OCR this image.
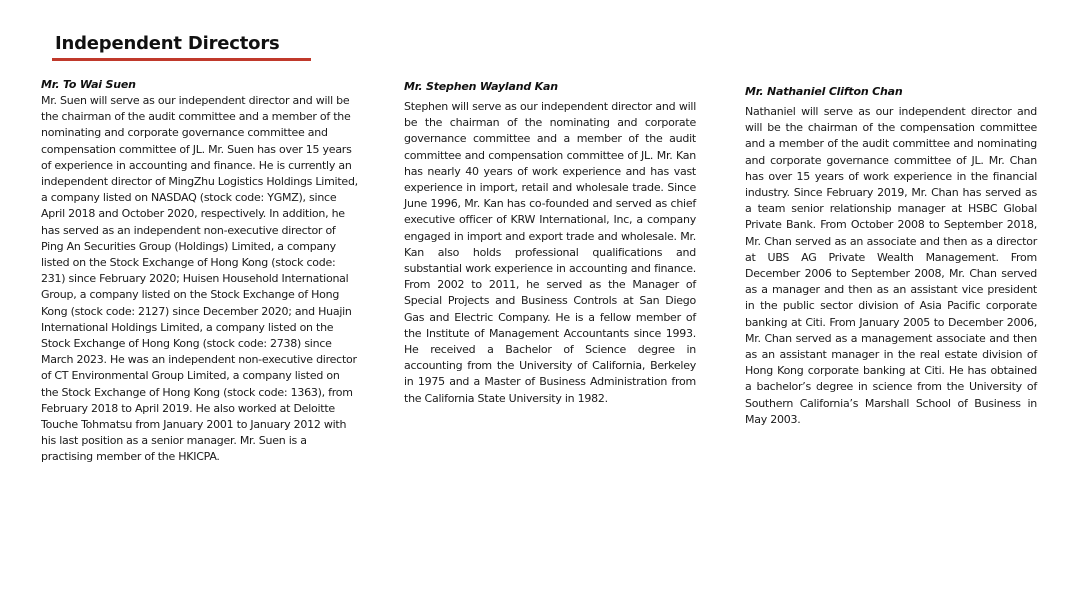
Independent Directors

Mr. To Wai Suen

Mr. Suen will serve as our independent director and will be the chairman of the audit committee and a member of the nominating and corporate governance committee and compensation committee of JL. Mr. Suen has over 15 years of experience in accounting and finance. He is currently an independent director of MingZhu Logistics Holdings Limited, a company listed on NASDAQ (stock code: YGMZ), since April 2018 and October 2020, respectively. In addition, he has served as an independent non-executive director of Ping An Securities Group (Holdings) Limited, a company listed on the Stock Exchange of Hong Kong (stock code: 231) since February 2020; Huisen Household International Group, a company listed on the Stock Exchange of Hong Kong (stock code: 2127) since December 2020; and Huajin International Holdings Limited, a company listed on the Stock Exchange of Hong Kong (stock code: 2738) since March 2023. He was an independent non-executive director of CT Environmental Group Limited, a company listed on the Stock Exchange of Hong Kong (stock code: 1363), from February 2018 to April 2019. He also worked at Deloitte Touche Tohmatsu from January 2001 to January 2012 with his last position as a senior manager. Mr. Suen is a practising member of the HKICPA.

Mr. Stephen Wayland Kan

Stephen will serve as our independent director and will be the chairman of the nominating and corporate governance committee and a member of the audit committee and compensation committee of JL. Mr. Kan has nearly 40 years of work experience and has vast experience in import, retail and wholesale trade. Since June 1996, Mr. Kan has co-founded and served as chief executive officer of KRW International, Inc, a company engaged in import and export trade and wholesale. Mr. Kan also holds professional qualifications and substantial work experience in accounting and finance. From 2002 to 2011, he served as the Manager of Special Projects and Business Controls at San Diego Gas and Electric Company. He is a fellow member of the Institute of Management Accountants since 1993. He received a Bachelor of Science degree in accounting from the University of California, Berkeley in 1975 and a Master of Business Administration from the California State University in 1982.

Mr. Nathaniel Clifton Chan

Nathaniel will serve as our independent director and will be the chairman of the compensation committee and a member of the audit committee and nominating and corporate governance committee of JL. Mr. Chan has over 15 years of work experience in the financial industry. Since February 2019, Mr. Chan has served as a team senior relationship manager at HSBC Global Private Bank. From October 2008 to September 2018, Mr. Chan served as an associate and then as a director at UBS AG Private Wealth Management. From December 2006 to September 2008, Mr. Chan served as a manager and then as an assistant vice president in the public sector division of Asia Pacific corporate banking at Citi. From January 2005 to December 2006, Mr. Chan served as a management associate and then as an assistant manager in the real estate division of Hong Kong corporate banking at Citi. He has obtained a bachelor’s degree in science from the University of Southern California’s Marshall School of Business in May 2003.
